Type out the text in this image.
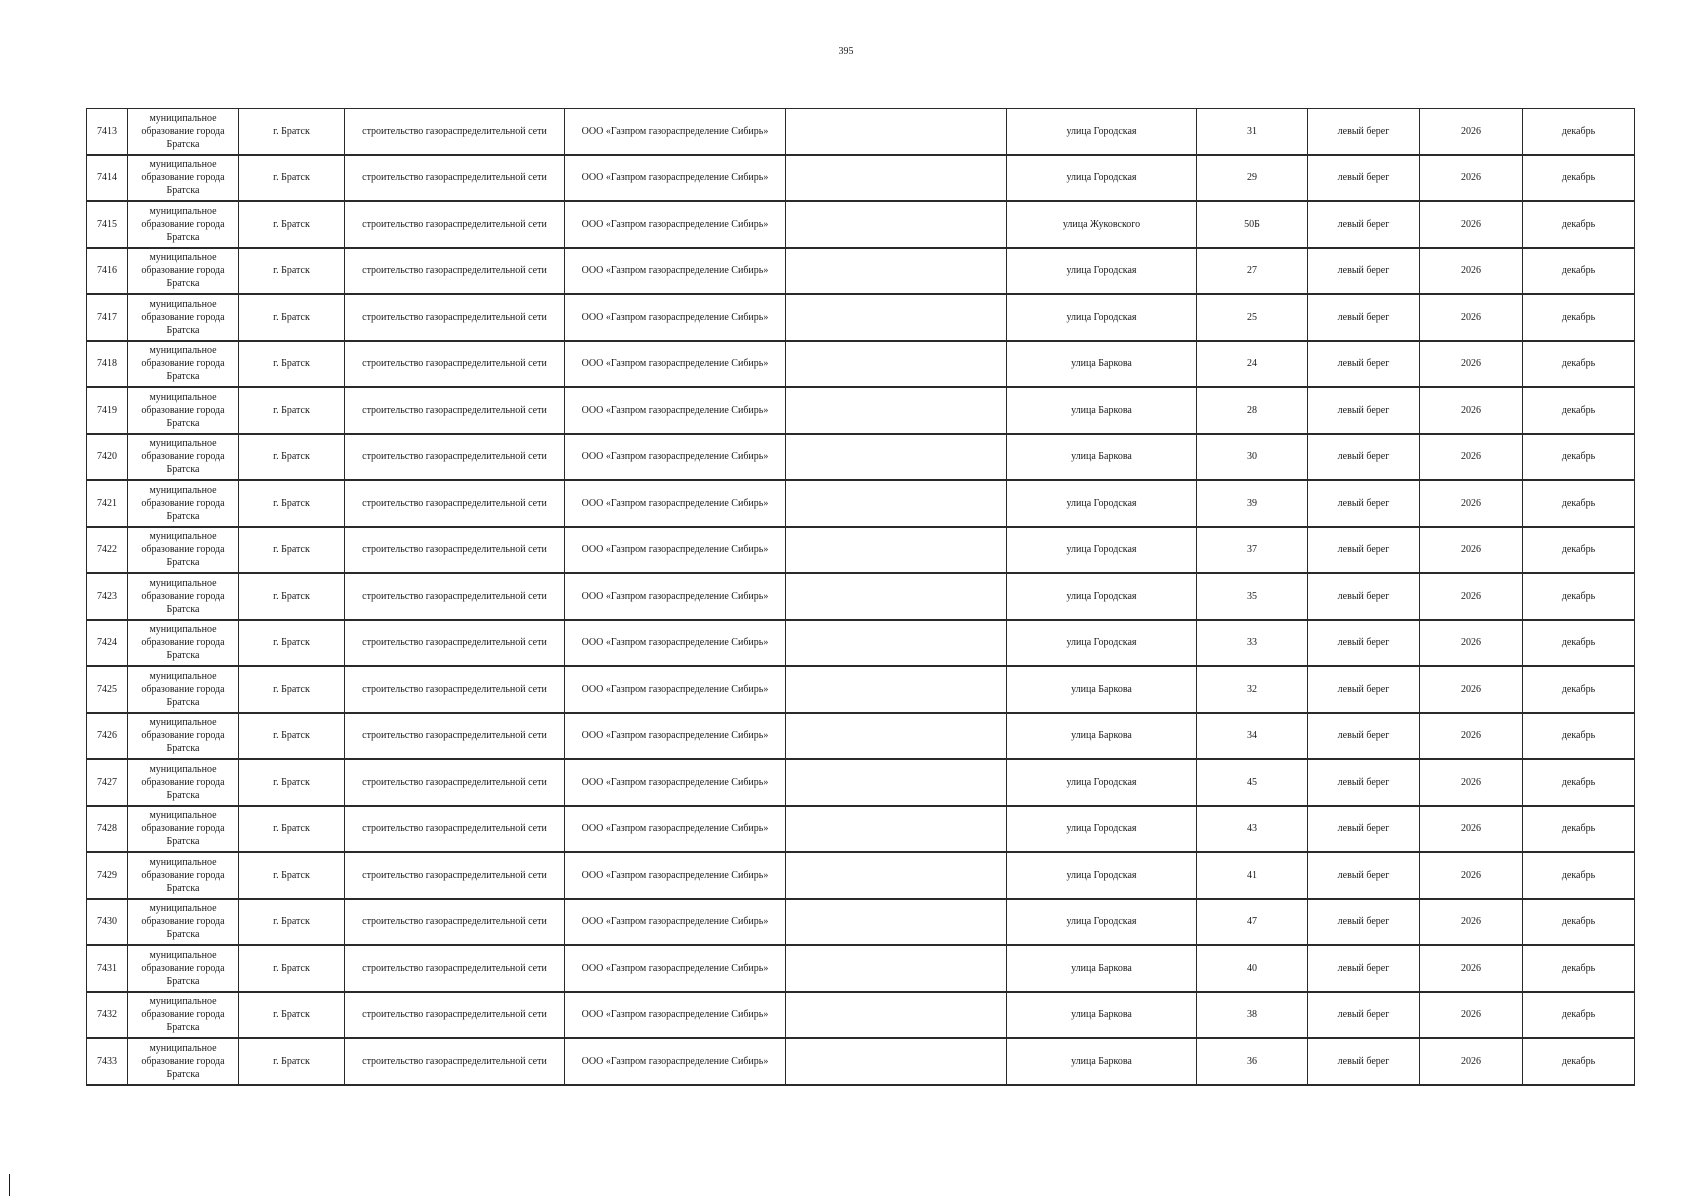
395
7413	муниципальное образование города Братска	г. Братск	строительство газораспределительной сети	ООО «Газпром газораспределение Сибирь»		улица Городская	31	левый берег	2026	декабрь
7414	муниципальное образование города Братска	г. Братск	строительство газораспределительной сети	ООО «Газпром газораспределение Сибирь»		улица Городская	29	левый берег	2026	декабрь
7415	муниципальное образование города Братска	г. Братск	строительство газораспределительной сети	ООО «Газпром газораспределение Сибирь»		улица Жуковского	50Б	левый берег	2026	декабрь
7416	муниципальное образование города Братска	г. Братск	строительство газораспределительной сети	ООО «Газпром газораспределение Сибирь»		улица Городская	27	левый берег	2026	декабрь
7417	муниципальное образование города Братска	г. Братск	строительство газораспределительной сети	ООО «Газпром газораспределение Сибирь»		улица Городская	25	левый берег	2026	декабрь
7418	муниципальное образование города Братска	г. Братск	строительство газораспределительной сети	ООО «Газпром газораспределение Сибирь»		улица Баркова	24	левый берег	2026	декабрь
7419	муниципальное образование города Братска	г. Братск	строительство газораспределительной сети	ООО «Газпром газораспределение Сибирь»		улица Баркова	28	левый берег	2026	декабрь
7420	муниципальное образование города Братска	г. Братск	строительство газораспределительной сети	ООО «Газпром газораспределение Сибирь»		улица Баркова	30	левый берег	2026	декабрь
7421	муниципальное образование города Братска	г. Братск	строительство газораспределительной сети	ООО «Газпром газораспределение Сибирь»		улица Городская	39	левый берег	2026	декабрь
7422	муниципальное образование города Братска	г. Братск	строительство газораспределительной сети	ООО «Газпром газораспределение Сибирь»		улица Городская	37	левый берег	2026	декабрь
7423	муниципальное образование города Братска	г. Братск	строительство газораспределительной сети	ООО «Газпром газораспределение Сибирь»		улица Городская	35	левый берег	2026	декабрь
7424	муниципальное образование города Братска	г. Братск	строительство газораспределительной сети	ООО «Газпром газораспределение Сибирь»		улица Городская	33	левый берег	2026	декабрь
7425	муниципальное образование города Братска	г. Братск	строительство газораспределительной сети	ООО «Газпром газораспределение Сибирь»		улица Баркова	32	левый берег	2026	декабрь
7426	муниципальное образование города Братска	г. Братск	строительство газораспределительной сети	ООО «Газпром газораспределение Сибирь»		улица Баркова	34	левый берег	2026	декабрь
7427	муниципальное образование города Братска	г. Братск	строительство газораспределительной сети	ООО «Газпром газораспределение Сибирь»		улица Городская	45	левый берег	2026	декабрь
7428	муниципальное образование города Братска	г. Братск	строительство газораспределительной сети	ООО «Газпром газораспределение Сибирь»		улица Городская	43	левый берег	2026	декабрь
7429	муниципальное образование города Братска	г. Братск	строительство газораспределительной сети	ООО «Газпром газораспределение Сибирь»		улица Городская	41	левый берег	2026	декабрь
7430	муниципальное образование города Братска	г. Братск	строительство газораспределительной сети	ООО «Газпром газораспределение Сибирь»		улица Городская	47	левый берег	2026	декабрь
7431	муниципальное образование города Братска	г. Братск	строительство газораспределительной сети	ООО «Газпром газораспределение Сибирь»		улица Баркова	40	левый берег	2026	декабрь
7432	муниципальное образование города Братска	г. Братск	строительство газораспределительной сети	ООО «Газпром газораспределение Сибирь»		улица Баркова	38	левый берег	2026	декабрь
7433	муниципальное образование города Братска	г. Братск	строительство газораспределительной сети	ООО «Газпром газораспределение Сибирь»		улица Баркова	36	левый берег	2026	декабрь
